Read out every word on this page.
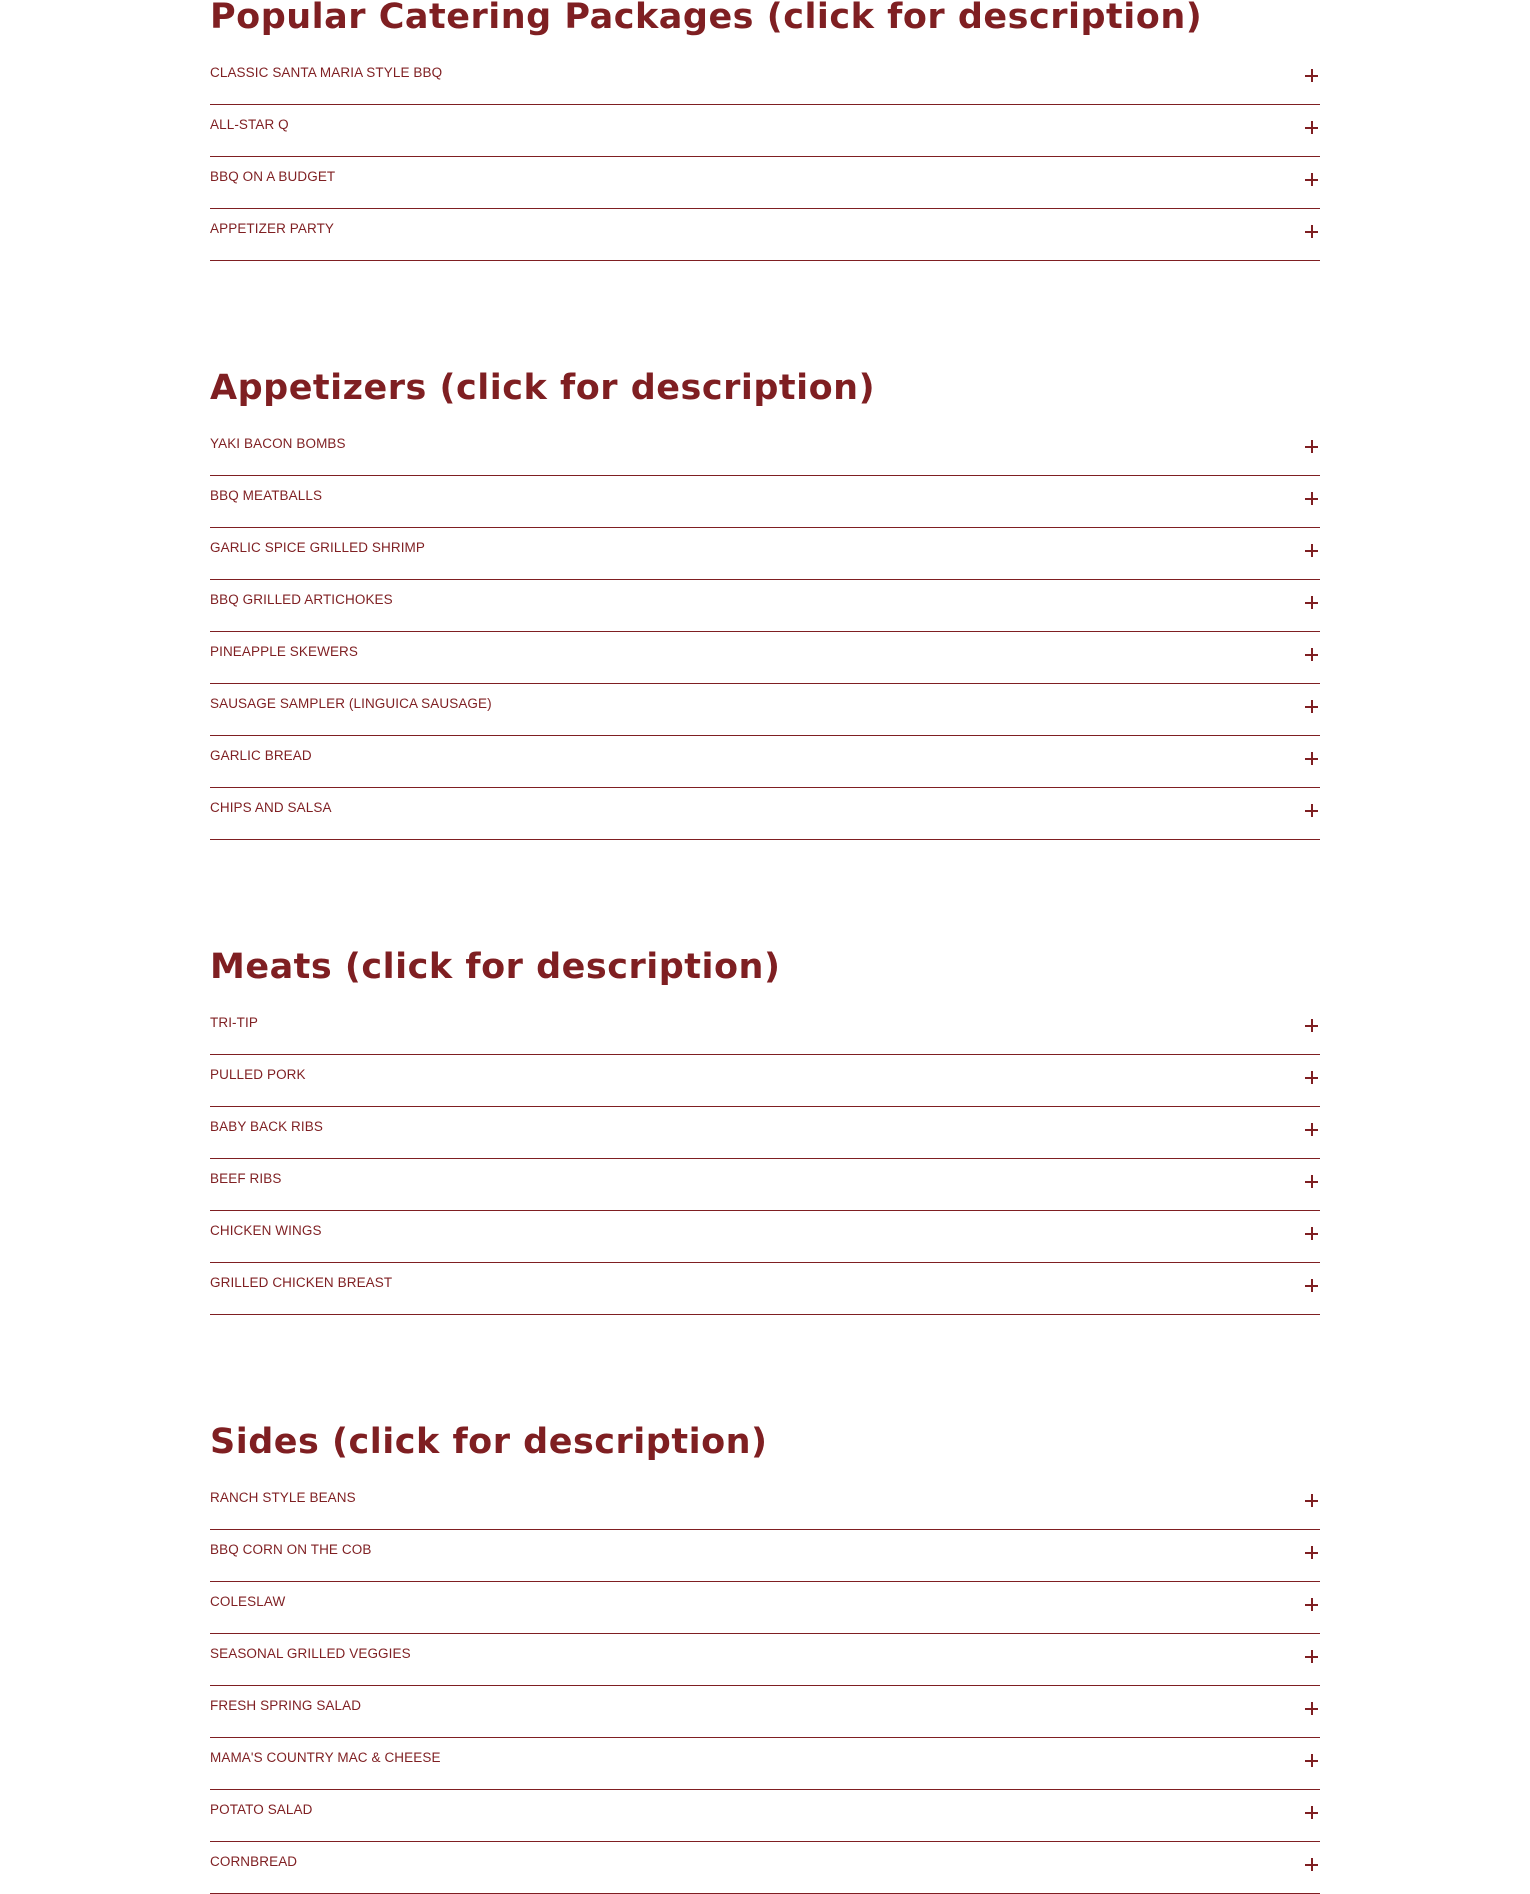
Popular Catering Packages (click for description)
CLASSIC SANTA MARIA STYLE BBQ
ALL-STAR Q
BBQ ON A BUDGET
APPETIZER PARTY
Appetizers (click for description)
YAKI BACON BOMBS
BBQ MEATBALLS
GARLIC SPICE GRILLED SHRIMP
BBQ GRILLED ARTICHOKES
PINEAPPLE SKEWERS
SAUSAGE SAMPLER (LINGUICA SAUSAGE)
GARLIC BREAD
CHIPS AND SALSA
Meats (click for description)
TRI-TIP
PULLED PORK
BABY BACK RIBS
BEEF RIBS
CHICKEN WINGS
GRILLED CHICKEN BREAST
Sides (click for description)
RANCH STYLE BEANS
BBQ CORN ON THE COB
COLESLAW
SEASONAL GRILLED VEGGIES
FRESH SPRING SALAD
MAMA'S COUNTRY MAC & CHEESE
POTATO SALAD
CORNBREAD
